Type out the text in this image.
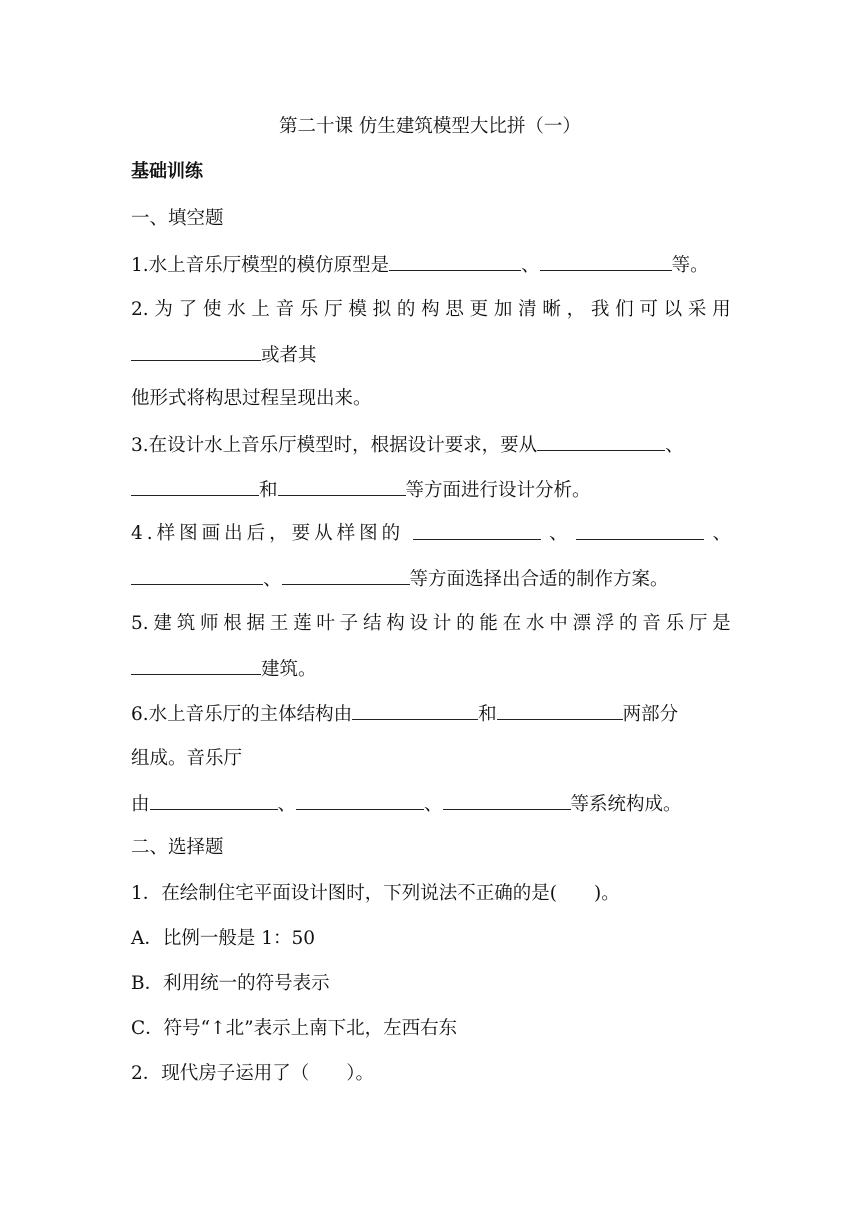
第二十课 仿生建筑模型大比拼（一）
基础训练
一、填空题
1.水上音乐厅模型的模仿原型是	、	等。
2. 为 了 使 水 上 音 乐 厅 模 拟 的 构 思 更 加 清 晰 ， 我 们 可 以 采 用
或者其
他形式将构思过程呈现出来。
3.在设计水上音乐厅模型时，根据设计要求，要从	、
和	等方面进行设计分析。
4.样图画出后，要从样图的	、	、
、	等方面选择出合适的制作方案。
5. 建 筑 师 根 据 王 莲 叶 子 结 构 设 计 的 能 在 水 中 漂 浮 的 音 乐 厅 是
建筑。
6.水上音乐厅的主体结构由	和	两部分
组成。音乐厅
由	、	、	等系统构成。
二、选择题
1．在绘制住宅平面设计图时，下列说法不正确的是(　　)。
A．比例一般是 1：50
B．利用统一的符号表示
C．符号“↑北”表示上南下北，左西右东
2．现代房子运用了（　　）。
